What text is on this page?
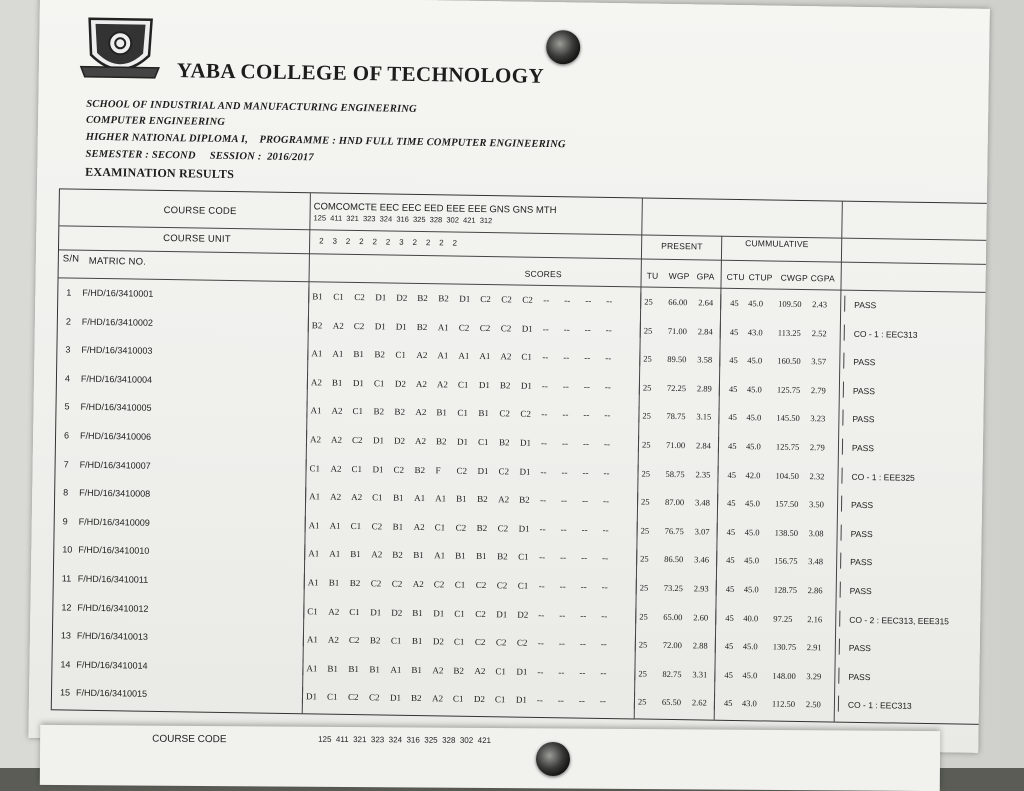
YABA COLLEGE OF TECHNOLOGY
SCHOOL OF INDUSTRIAL AND MANUFACTURING ENGINEERING
COMPUTER ENGINEERING
HIGHER NATIONAL DIPLOMA I,    PROGRAMME : HND FULL TIME COMPUTER ENGINEERING
SEMESTER : SECOND     SESSION :  2016/2017
EXAMINATION RESULTS
COURSE CODE
COURSE UNIT
S/N MATRIC NO.
COMCOMCTE EEC EEC EED EEE EEE GNS GNS MTH
125  411  321  323  324  316  325  328  302  421  312
2    3    2    2    2    2    3    2    2    2    2
SCORES
PRESENT	CUMMULATIVE
TU WGP GPA CTU CTUP CWGP CGPA
1 F/HD/16/3410001	B1 C1 C2 D1 D2 B2 B2 D1 C2 C2 C2 -- -- -- --	25 66.00 2.64 45 45.0 109.50 2.43	PASS
2 F/HD/16/3410002	B2 A2 C2 D1 D1 B2 A1 C2 C2 C2 D1 -- -- -- --	25 71.00 2.84 45 43.0 113.25 2.52	CO - 1 : EEC313
3 F/HD/16/3410003	A1 A1 B1 B2 C1 A2 A1 A1 A1 A2 C1 -- -- -- --	25 89.50 3.58 45 45.0 160.50 3.57	PASS
4 F/HD/16/3410004	A2 B1 D1 C1 D2 A2 A2 C1 D1 B2 D1 -- -- -- --	25 72.25 2.89 45 45.0 125.75 2.79	PASS
5 F/HD/16/3410005	A1 A2 C1 B2 B2 A2 B1 C1 B1 C2 C2 -- -- -- --	25 78.75 3.15 45 45.0 145.50 3.23	PASS
6 F/HD/16/3410006	A2 A2 C2 D1 D2 A2 B2 D1 C1 B2 D1 -- -- -- --	25 71.00 2.84 45 45.0 125.75 2.79	PASS
7 F/HD/16/3410007	C1 A2 C1 D1 C2 B2 F C2 D1 C2 D1 -- -- -- --	25 58.75 2.35 45 42.0 104.50 2.32	CO - 1 : EEE325
8 F/HD/16/3410008	A1 A2 A2 C1 B1 A1 A1 B1 B2 A2 B2 -- -- -- --	25 87.00 3.48 45 45.0 157.50 3.50	PASS
9 F/HD/16/3410009	A1 A1 C1 C2 B1 A2 C1 C2 B2 C2 D1 -- -- -- --	25 76.75 3.07 45 45.0 138.50 3.08	PASS
10 F/HD/16/3410010	A1 A1 B1 A2 B2 B1 A1 B1 B1 B2 C1 -- -- -- --	25 86.50 3.46 45 45.0 156.75 3.48	PASS
11 F/HD/16/3410011	A1 B1 B2 C2 C2 A2 C2 C1 C2 C2 C1 -- -- -- --	25 73.25 2.93 45 45.0 128.75 2.86	PASS
12 F/HD/16/3410012	C1 A2 C1 D1 D2 B1 D1 C1 C2 D1 D2 -- -- -- --	25 65.00 2.60 45 40.0 97.25 2.16	CO - 2 : EEC313, EEE315
13 F/HD/16/3410013	A1 A2 C2 B2 C1 B1 D2 C1 C2 C2 C2 -- -- -- --	25 72.00 2.88 45 45.0 130.75 2.91	PASS
14 F/HD/16/3410014	A1 B1 B1 B1 A1 B1 A2 B2 A2 C1 D1 -- -- -- --	25 82.75 3.31 45 45.0 148.00 3.29	PASS
15 F/HD/16/3410015	D1 C1 C2 C2 D1 B2 A2 C1 D2 C1 D1 -- -- -- --	25 65.50 2.62 45 43.0 112.50 2.50	CO - 1 : EEC313
COURSE CODE	125  411  321  323  324  316  325  328  302  421
